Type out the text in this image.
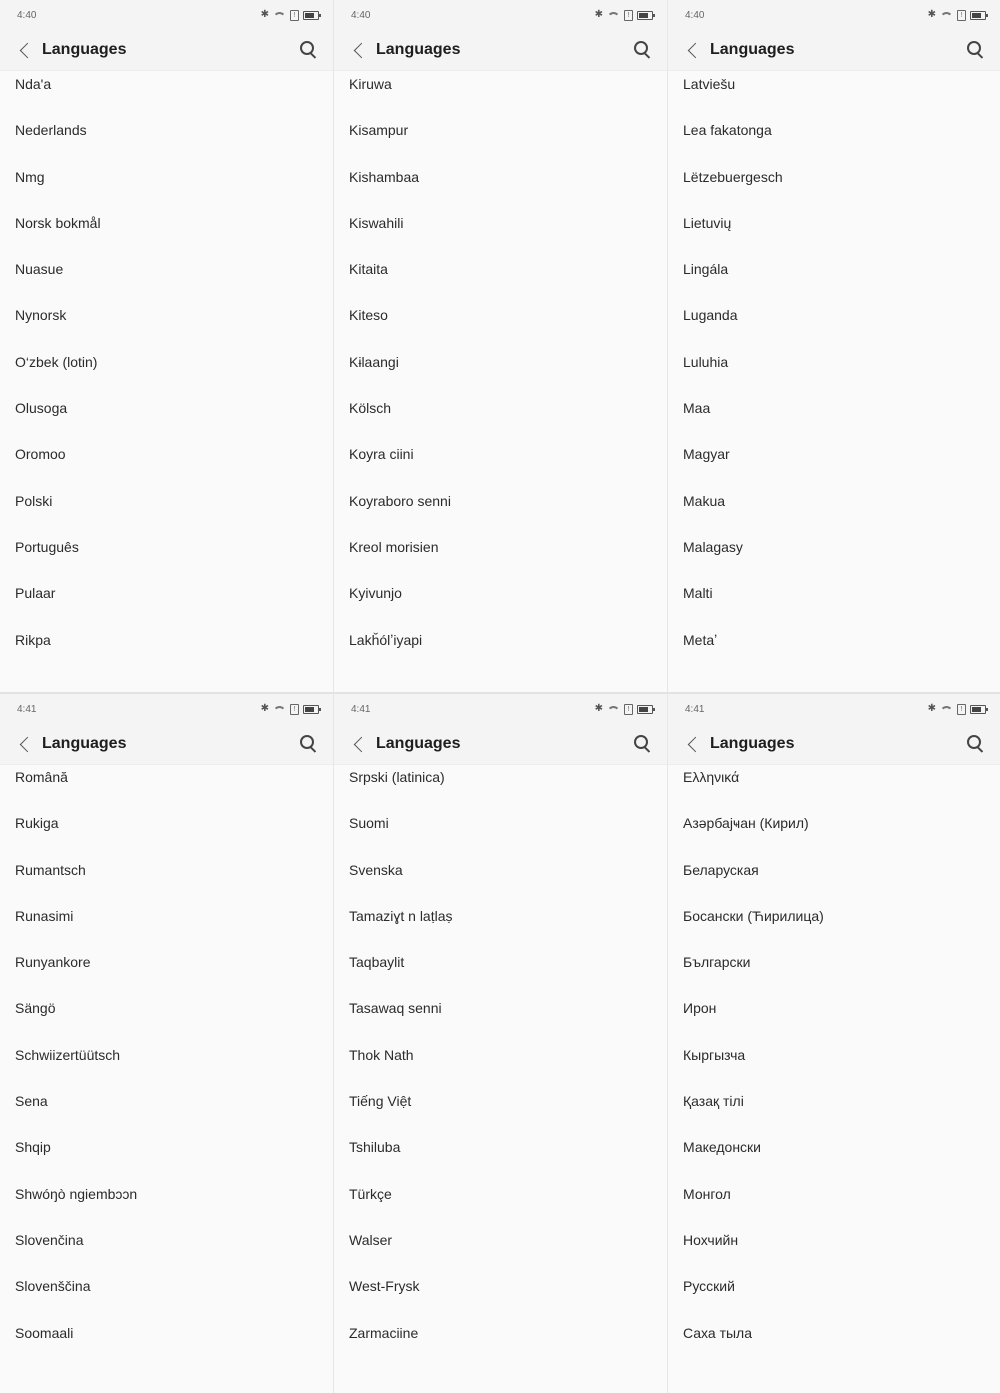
4:40	✱	!
Languages
Nda'a
Nederlands
Nmg
Norsk bokmål
Nuasue
Nynorsk
O‘zbek (lotin)
Olusoga
Oromoo
Polski
Português
Pulaar
Rikpa
4:40	✱	!
Languages
Kiruwa
Kisampur
Kishambaa
Kiswahili
Kitaita
Kiteso
Kɨlaangi
Kölsch
Koyra ciini
Koyraboro senni
Kreol morisien
Kyivunjo
Lakȟólʼiyapi
4:40	✱	!
Languages
Latviešu
Lea fakatonga
Lëtzebuergesch
Lietuvių
Lingála
Luganda
Luluhia
Maa
Magyar
Makua
Malagasy
Malti
Metaʼ
4:41	✱	!
Languages
Română
Rukiga
Rumantsch
Runasimi
Runyankore
Sängö
Schwiizertüütsch
Sena
Shqip
Shwóŋò ngiembɔɔn
Slovenčina
Slovenščina
Soomaali
4:41	✱	!
Languages
Srpski (latinica)
Suomi
Svenska
Tamaziɣt n laṭlaṣ
Taqbaylit
Tasawaq senni
Thok Nath
Tiếng Việt
Tshiluba
Türkçe
Walser
West-Frysk
Zarmaciine
4:41	✱	!
Languages
Ελληνικά
Азәрбајҹан (Кирил)
Беларуская
Босански (Ћирилица)
Български
Ирон
Кыргызча
Қазақ тілі
Македонски
Монгол
Нохчийн
Русский
Саха тыла
